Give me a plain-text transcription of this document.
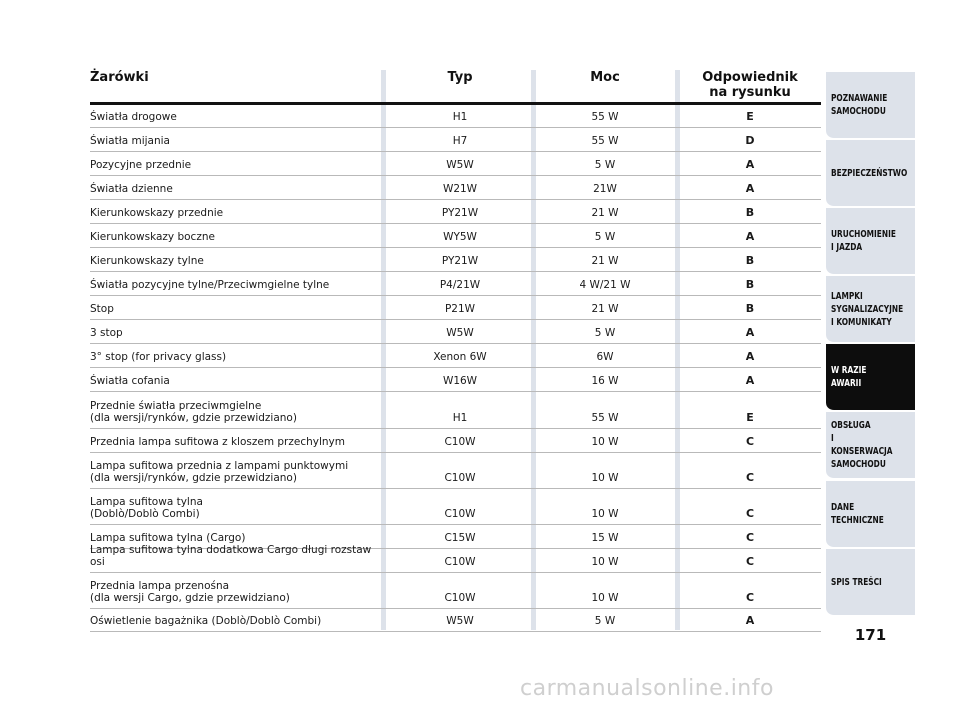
Żarówki	Typ	Moc	Odpowiednik
na rysunku
Światła drogowe	H1	55 W	E
Światła mijania	H7	55 W	D
Pozycyjne przednie	W5W	5 W	A
Światła dzienne	W21W	21W	A
Kierunkowskazy przednie	PY21W	21 W	B
Kierunkowskazy boczne	WY5W	5 W	A
Kierunkowskazy tylne	PY21W	21 W	B
Światła pozycyjne tylne/Przeciwmgielne tylne	P4/21W	4 W/21 W	B
Stop	P21W	21 W	B
3 stop	W5W	5 W	A
3° stop (for privacy glass)	Xenon 6W	6W	A
Światła cofania	W16W	16 W	A
Przednie światła przeciwmgielne
(dla wersji/rynków, gdzie przewidziano)	H1	55 W	E
Przednia lampa sufitowa z kloszem przechylnym	C10W	10 W	C
Lampa sufitowa przednia z lampami punktowymi
(dla wersji/rynków, gdzie przewidziano)	C10W	10 W	C
Lampa sufitowa tylna
(Doblò/Doblò Combi)	C10W	10 W	C
Lampa sufitowa tylna (Cargo)	C15W	15 W	C
Lampa sufitowa tylna dodatkowa Cargo długi rozstaw osi	C10W	10 W	C
Przednia lampa przenośna
(dla wersji Cargo, gdzie przewidziano)	C10W	10 W	C
Oświetlenie bagażnika (Doblò/Doblò Combi)	W5W	5 W	A
POZNAWANIE
SAMOCHODU
BEZPIECZEŃSTWO
URUCHOMIENIE
I JAZDA
LAMPKI
SYGNALIZACYJNE
I KOMUNIKATY
W RAZIE AWARII
OBSŁUGA
I KONSERWACJA
SAMOCHODU
DANE
TECHNICZNE
SPIS TREŚCI
171
carmanualsonline.info
